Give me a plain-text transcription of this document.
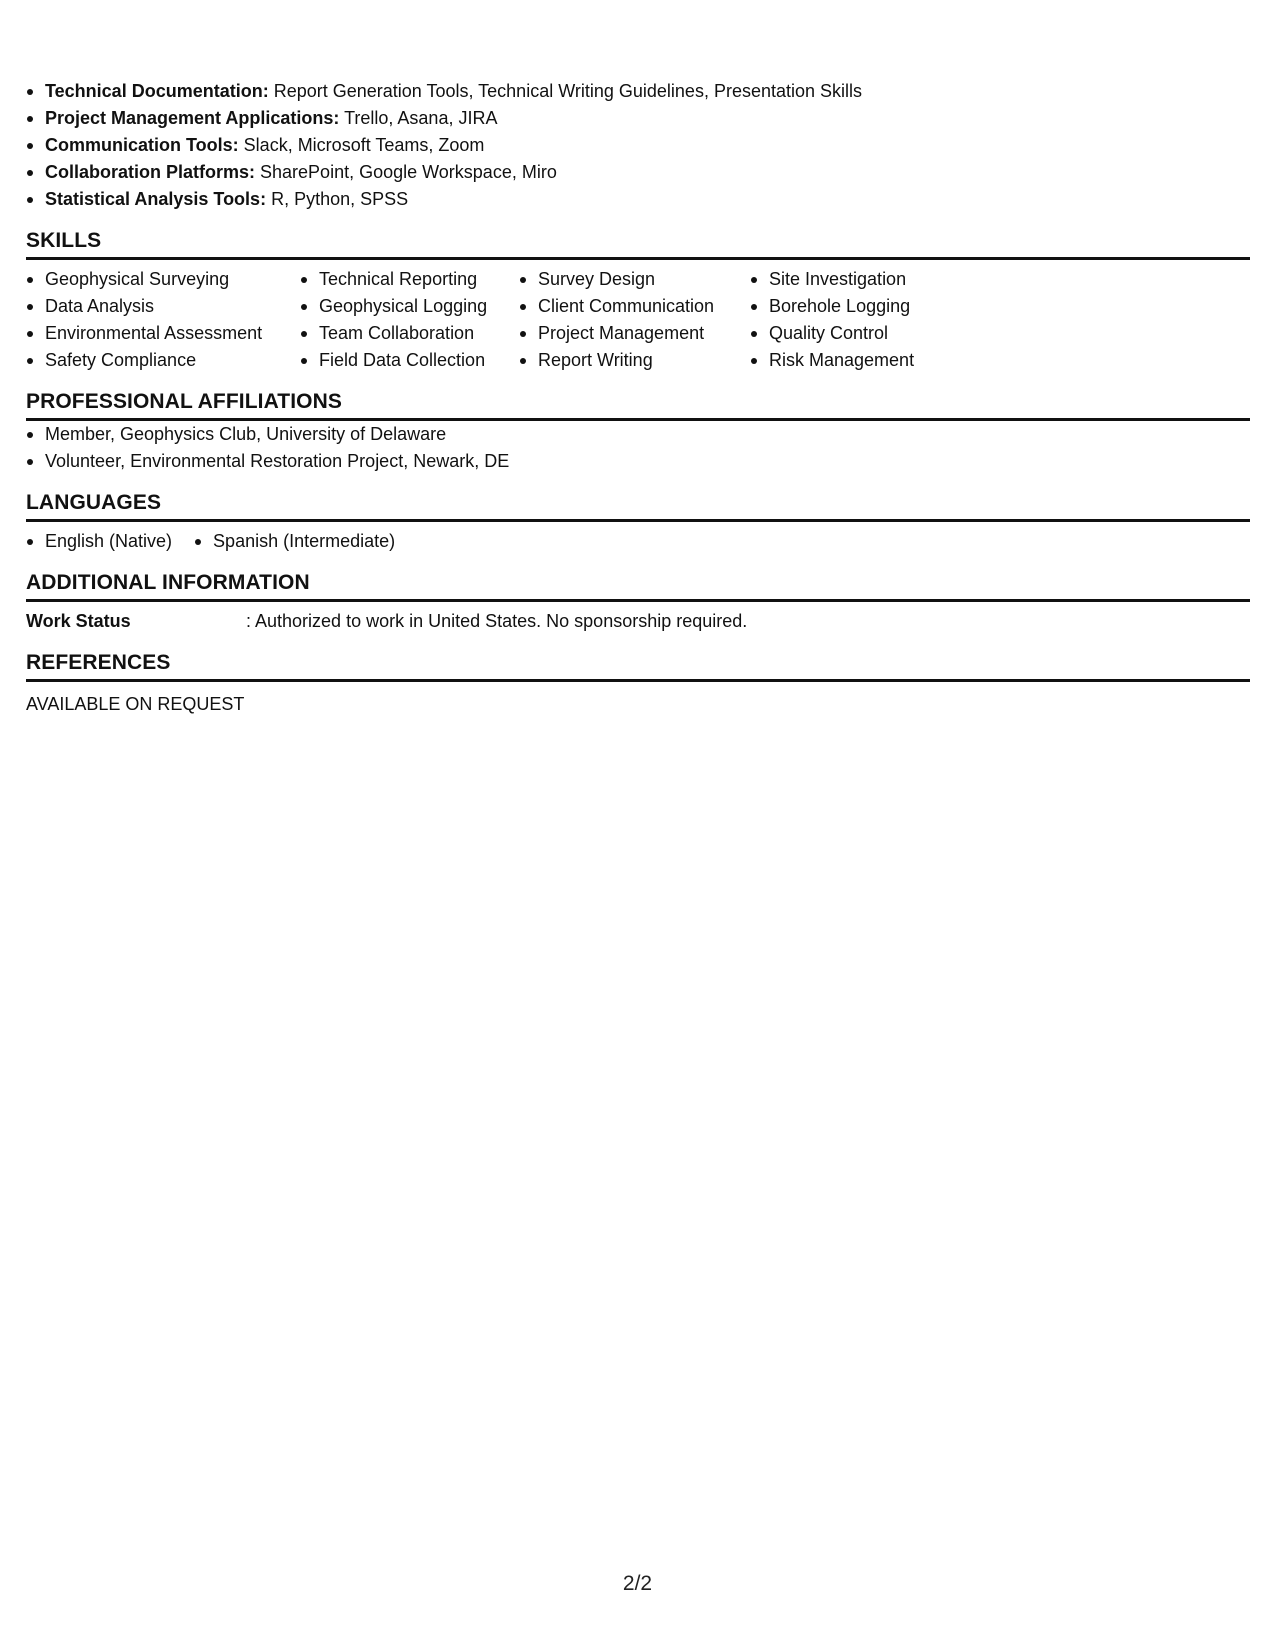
Technical Documentation: Report Generation Tools, Technical Writing Guidelines, Presentation Skills
Project Management Applications: Trello, Asana, JIRA
Communication Tools: Slack, Microsoft Teams, Zoom
Collaboration Platforms: SharePoint, Google Workspace, Miro
Statistical Analysis Tools: R, Python, SPSS
SKILLS
Geophysical Surveying
Data Analysis
Environmental Assessment
Safety Compliance
Technical Reporting
Geophysical Logging
Team Collaboration
Field Data Collection
Survey Design
Client Communication
Project Management
Report Writing
Site Investigation
Borehole Logging
Quality Control
Risk Management
PROFESSIONAL AFFILIATIONS
Member, Geophysics Club, University of Delaware
Volunteer, Environmental Restoration Project, Newark, DE
LANGUAGES
English (Native)	Spanish (Intermediate)
ADDITIONAL INFORMATION
Work Status	: Authorized to work in United States. No sponsorship required.
REFERENCES
AVAILABLE ON REQUEST
2/2
